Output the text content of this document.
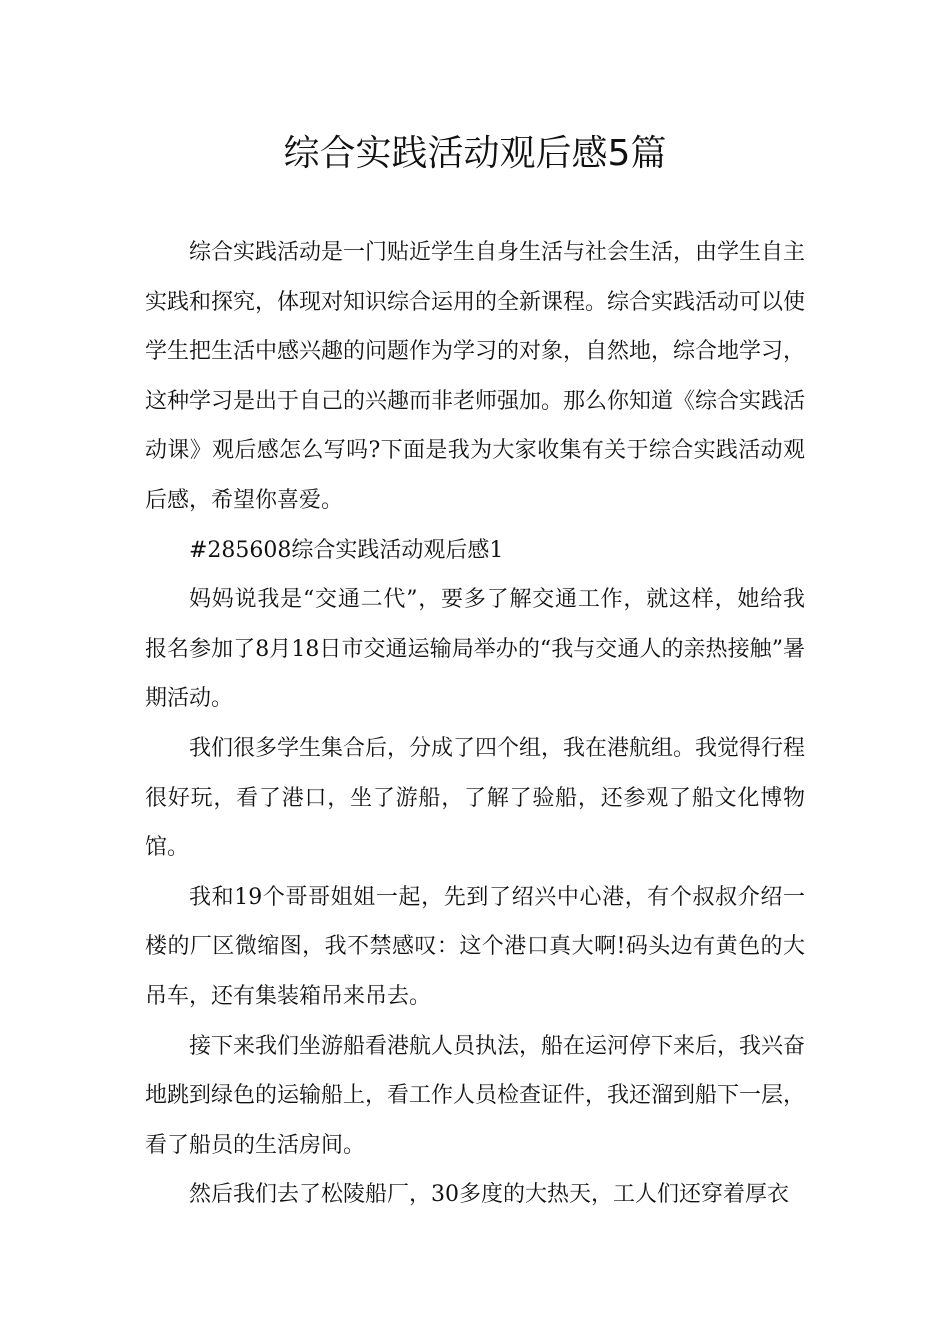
综合实践活动观后感5篇

综合实践活动是一门贴近学生自身生活与社会生活，由学生自主实践和探究，体现对知识综合运用的全新课程。综合实践活动可以使学生把生活中感兴趣的问题作为学习的对象，自然地，综合地学习，这种学习是出于自己的兴趣而非老师强加。那么你知道《综合实践活动课》观后感怎么写吗?下面是我为大家收集有关于综合实践活动观后感，希望你喜爱。

#285608综合实践活动观后感1

妈妈说我是“交通二代”，要多了解交通工作，就这样，她给我报名参加了8月18日市交通运输局举办的“我与交通人的亲热接触”暑期活动。

我们很多学生集合后，分成了四个组，我在港航组。我觉得行程很好玩，看了港口，坐了游船，了解了验船，还参观了船文化博物馆。

我和19个哥哥姐姐一起，先到了绍兴中心港，有个叔叔介绍一楼的厂区微缩图，我不禁感叹：这个港口真大啊!码头边有黄色的大吊车，还有集装箱吊来吊去。

接下来我们坐游船看港航人员执法，船在运河停下来后，我兴奋地跳到绿色的运输船上，看工作人员检查证件，我还溜到船下一层，看了船员的生活房间。

然后我们去了松陵船厂，30多度的大热天，工人们还穿着厚衣
